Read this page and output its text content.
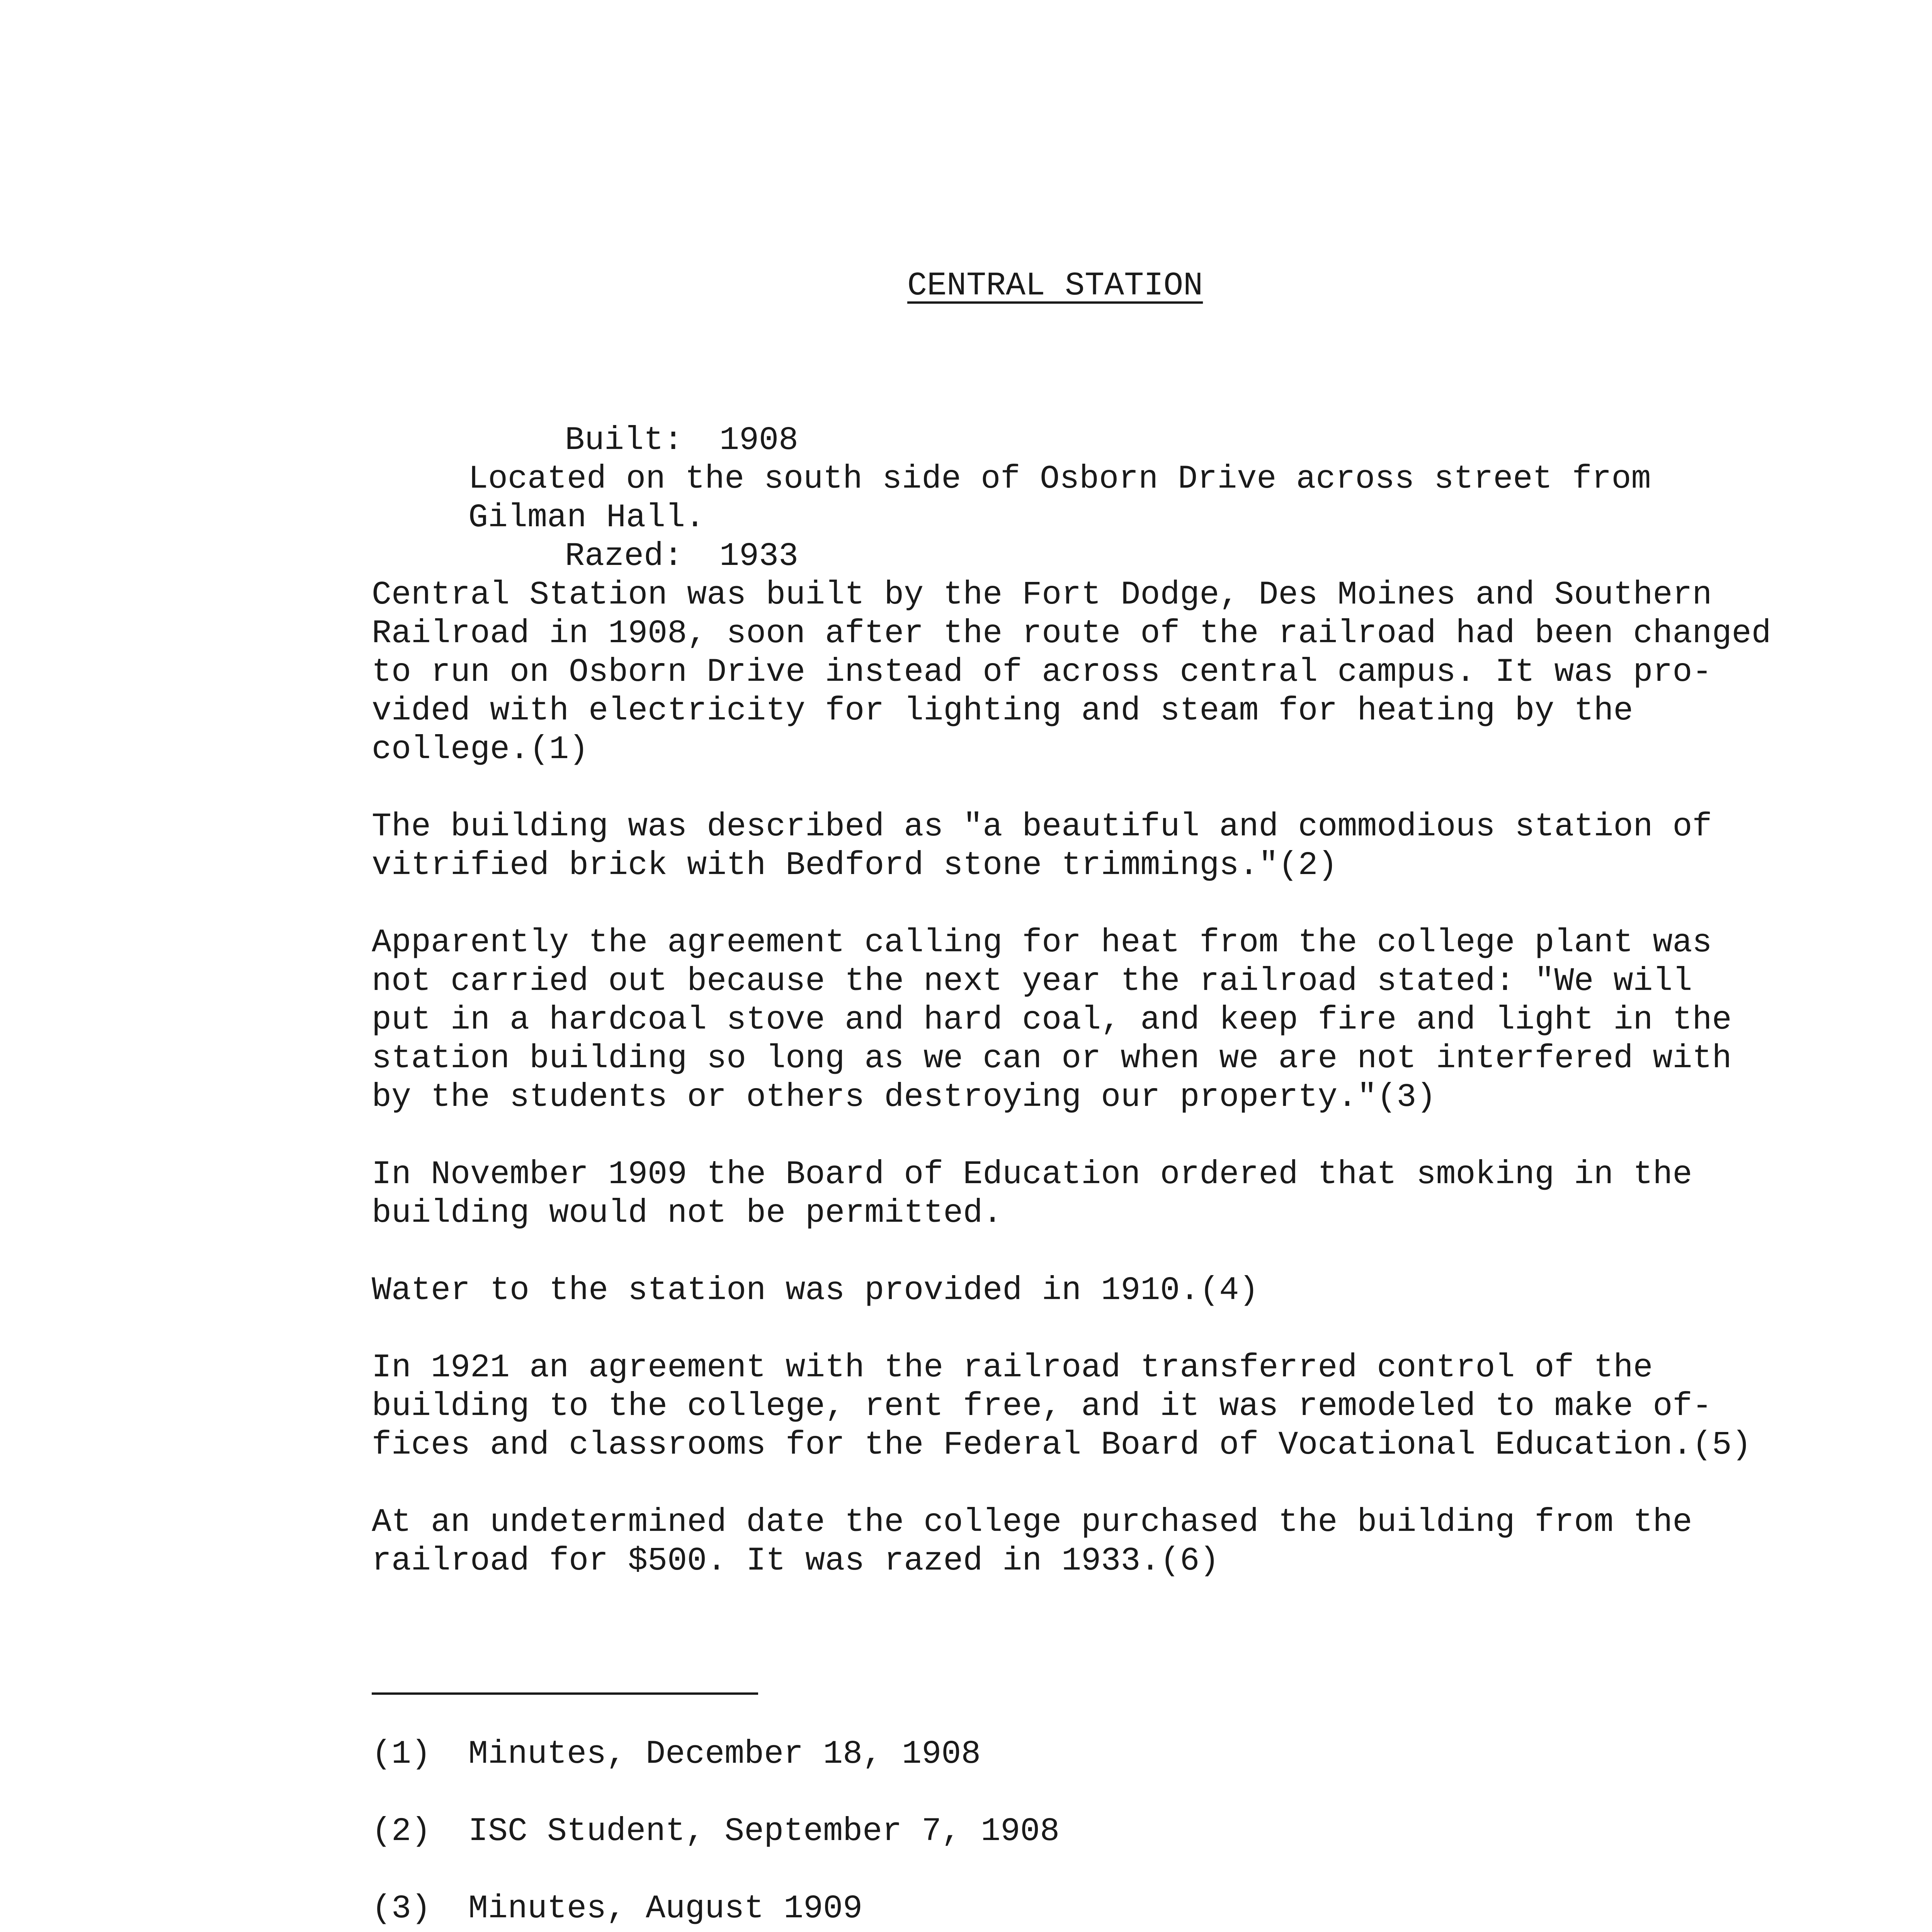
CENTRAL STATION

Built: 1908

Razed: 1933

Located on the south side of Osborn Drive across street from
Gilman Hall.

Central Station was built by the Fort Dodge, Des Moines and Southern
Railroad in 1908, soon after the route of the railroad had been changed
to run on Osborn Drive instead of across central campus. It was pro-
vided with electricity for lighting and steam for heating by the
college.(1)

The building was described as "a beautiful and commodious station of
vitrified brick with Bedford stone trimmings."(2)

Apparently the agreement calling for heat from the college plant was
not carried out because the next year the railroad stated: "We will
put in a hardcoal stove and hard coal, and keep fire and light in the
station building so long as we can or when we are not interfered with
by the students or others destroying our property."(3)

In November 1909 the Board of Education ordered that smoking in the
building would not be permitted.

Water to the station was provided in 1910.(4)

In 1921 an agreement with the railroad transferred control of the
building to the college, rent free, and it was remodeled to make of-
fices and classrooms for the Federal Board of Vocational Education.(5)

At an undetermined date the college purchased the building from the
railroad for $500. It was razed in 1933.(6)

(1) Minutes, December 18, 1908
(2) ISC Student, September 7, 1908
(3) Minutes, August 1909
